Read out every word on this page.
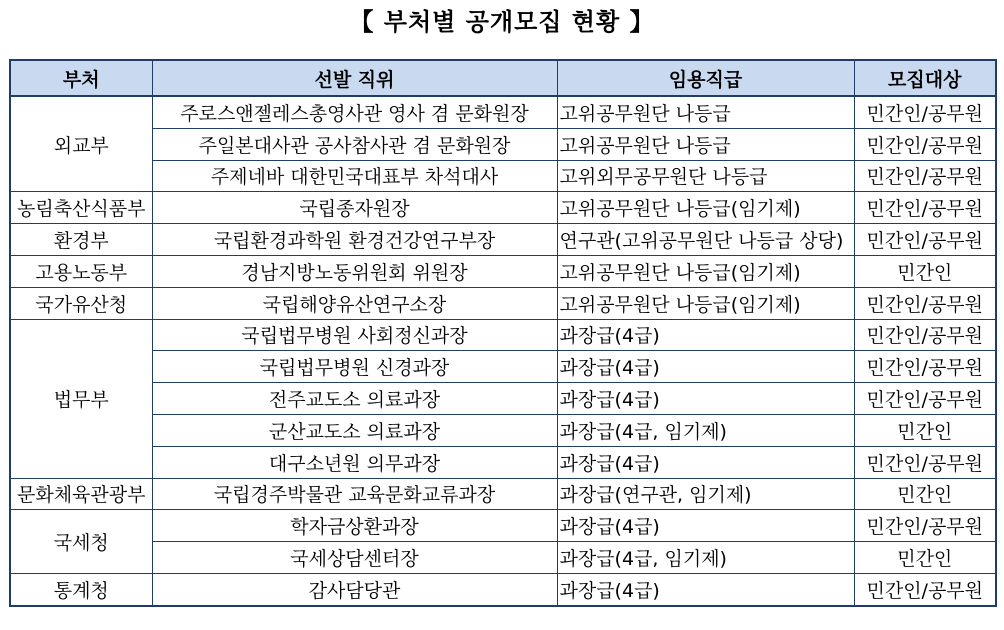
【 부처별 공개모집 현황 】
부처	선발 직위	임용직급	모집대상
외교부	주로스앤젤레스총영사관 영사 겸 문화원장	고위공무원단 나등급	민간인/공무원
	주일본대사관 공사참사관 겸 문화원장	고위공무원단 나등급	민간인/공무원
	주제네바 대한민국대표부 차석대사	고위외무공무원단 나등급	민간인/공무원
농림축산식품부	국립종자원장	고위공무원단 나등급(임기제)	민간인/공무원
환경부	국립환경과학원 환경건강연구부장	연구관(고위공무원단 나등급 상당)	민간인/공무원
고용노동부	경남지방노동위원회 위원장	고위공무원단 나등급(임기제)	민간인
국가유산청	국립해양유산연구소장	고위공무원단 나등급(임기제)	민간인/공무원
법무부	국립법무병원 사회정신과장	과장급(4급)	민간인/공무원
	국립법무병원 신경과장	과장급(4급)	민간인/공무원
	전주교도소 의료과장	과장급(4급)	민간인/공무원
	군산교도소 의료과장	과장급(4급, 임기제)	민간인
	대구소년원 의무과장	과장급(4급)	민간인/공무원
문화체육관광부	국립경주박물관 교육문화교류과장	과장급(연구관, 임기제)	민간인
국세청	학자금상환과장	과장급(4급)	민간인/공무원
	국세상담센터장	과장급(4급, 임기제)	민간인
통계청	감사담당관	과장급(4급)	민간인/공무원
